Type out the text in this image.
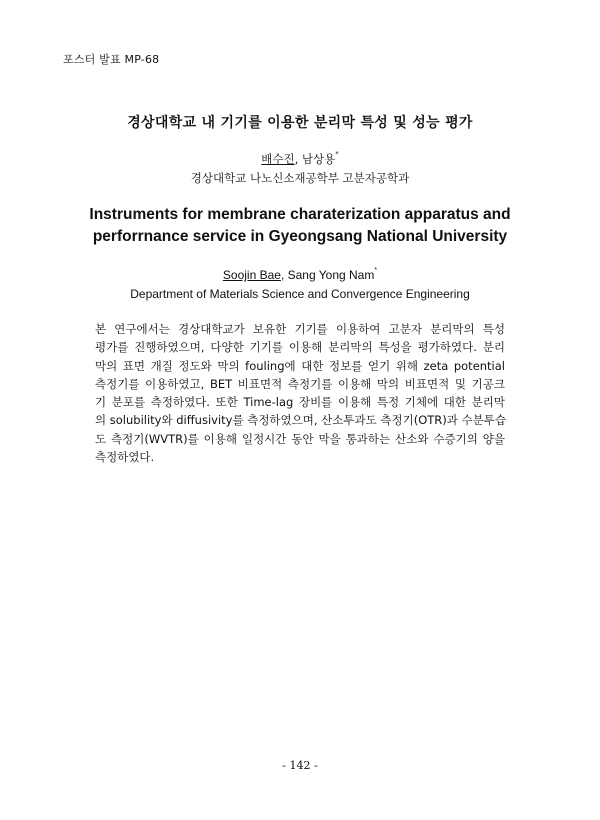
포스터 발표 MP-68
경상대학교 내 기기를 이용한 분리막 특성 및 성능 평가
배수진, 남상용*
경상대학교 나노신소재공학부 고분자공학과
Instruments for membrane charaterization apparatus and
perforrnance service in Gyeongsang National University
Soojin Bae, Sang Yong Nam*
Department of Materials Science and Convergence Engineering
본 연구에서는 경상대학교가 보유한 기기를 이용하여 고분자 분리막의 특성
평가를 진행하였으며, 다양한 기기를 이용해 분리막의 특성을 평가하였다. 분리
막의 표면 개질 정도와 막의 fouling에 대한 정보를 얻기 위해 zeta potential
측정기를 이용하였고, BET 비표면적 측정기를 이용해 막의 비표면적 및 기공크
기 분포를 측정하였다. 또한 Time-lag 장비를 이용해 특정 기체에 대한 분리막
의 solubility와 diffusivity를 측정하였으며, 산소투과도 측정기(OTR)과 수분투습
도 측정기(WVTR)를 이용해 일정시간 동안 막을 통과하는 산소와 수증기의 양을
측정하였다.
- 142 -
